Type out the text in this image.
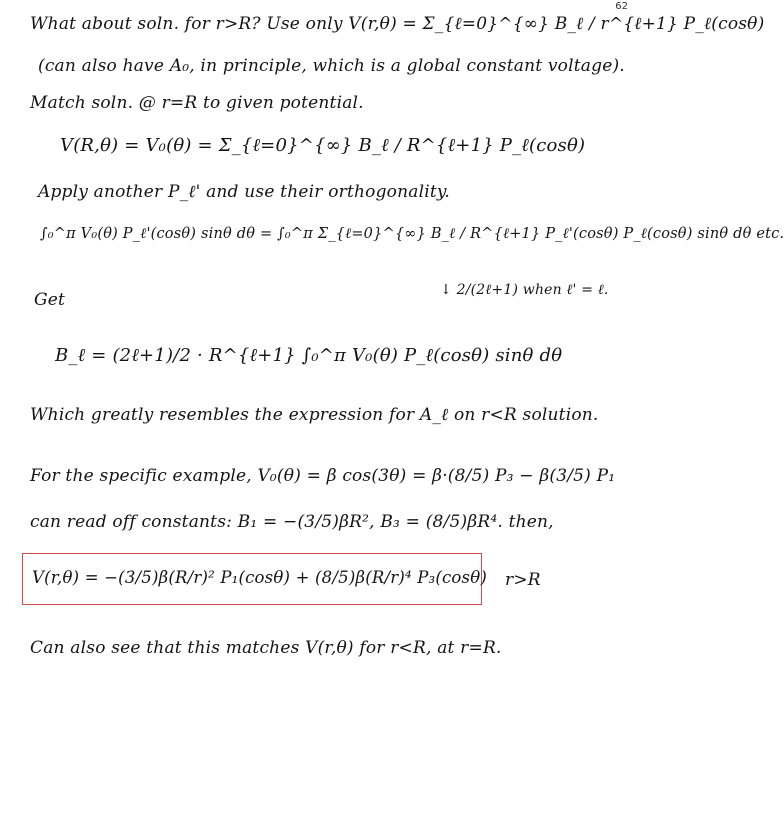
62
What about soln. for r>R? Use only V(r,θ) = Σ_{ℓ=0}^{∞} B_ℓ / r^{ℓ+1} P_ℓ(cosθ)
(can also have A₀, in principle, which is a global constant voltage).
Match soln. @ r=R to given potential.
V(R,θ) = V₀(θ) = Σ_{ℓ=0}^{∞} B_ℓ / R^{ℓ+1} P_ℓ(cosθ)
Apply another P_ℓ' and use their orthogonality.
∫₀^π V₀(θ) P_ℓ'(cosθ) sinθ dθ = ∫₀^π Σ_{ℓ=0}^{∞} B_ℓ / R^{ℓ+1} P_ℓ'(cosθ) P_ℓ(cosθ) sinθ dθ etc.
Get	↓ 2/(2ℓ+1) when ℓ' = ℓ.
B_ℓ = (2ℓ+1)/2 · R^{ℓ+1} ∫₀^π V₀(θ) P_ℓ(cosθ) sinθ dθ
Which greatly resembles the expression for A_ℓ on r<R solution.
For the specific example, V₀(θ) = β cos(3θ) = β·(8/5) P₃ − β(3/5) P₁
can read off constants: B₁ = −(3/5)βR², B₃ = (8/5)βR⁴. then,
V(r,θ) = −(3/5)β(R/r)² P₁(cosθ) + (8/5)β(R/r)⁴ P₃(cosθ) r>R
Can also see that this matches V(r,θ) for r<R, at r=R.
